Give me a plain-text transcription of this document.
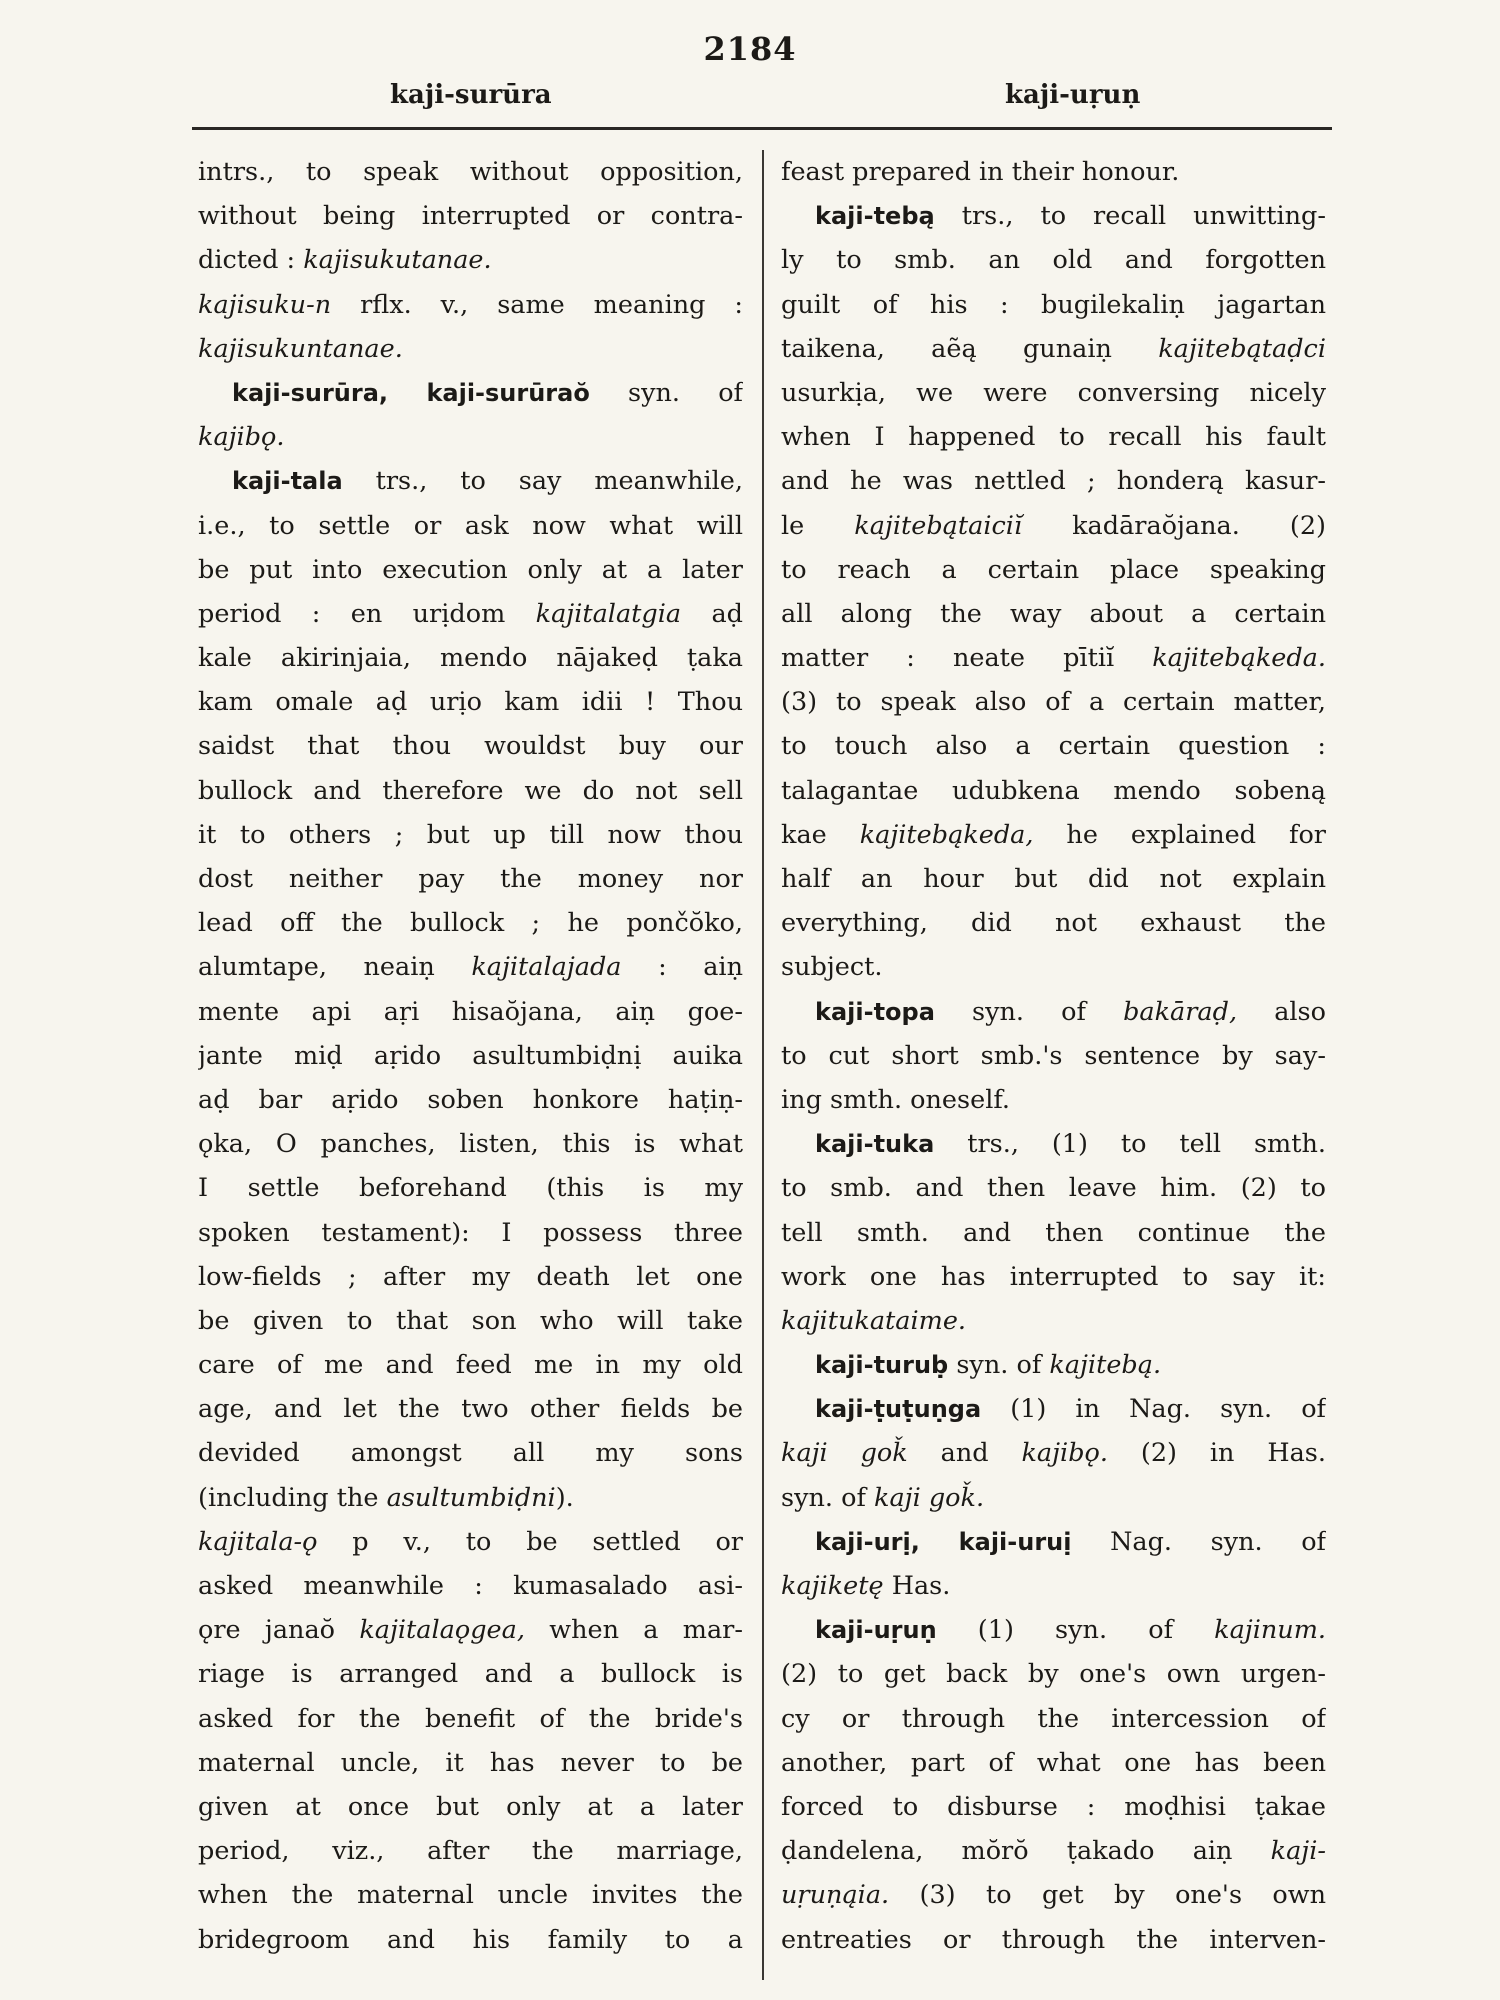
2184
kaji-surūra	kaji-uṛuṇ
intrs., to speak without opposition,
without being interrupted or contra-
dicted : kajisukutanae.
kajisuku-n rflx. v., same meaning :
kajisukuntanae.
kaji-surūra, kaji-surūraŏ syn. of
kajibǫ.
kaji-tala trs., to say meanwhile,
i.e., to settle or ask now what will
be put into execution only at a later
period : en urịdom kajitalatgia aḍ
kale akirinjaia, mendo nājakeḍ ṭaka
kam omale aḍ urịo kam idii ! Thou
saidst that thou wouldst buy our
bullock and therefore we do not sell
it to others ; but up till now thou
dost neither pay the money nor
lead off the bullock ; he pončŏko,
alumtape, neaiṇ kajitalajada : aiṇ
mente api aṛi hisaŏjana, aiṇ goe-
jante miḍ aṛido asultumbiḍnị auika
aḍ bar aṛido soben honkore haṭiṇ-
ǫka, O panches, listen, this is what
I settle beforehand (this is my
spoken testament): I possess three
low-fields ; after my death let one
be given to that son who will take
care of me and feed me in my old
age, and let the two other fields be
devided amongst all my sons
(including the asultumbiḍni).
kajitala-ǫ p v., to be settled or
asked meanwhile : kumasalado asi-
ǫre janaŏ kajitalaǫgea, when a mar-
riage is arranged and a bullock is
asked for the benefit of the bride's
maternal uncle, it has never to be
given at once but only at a later
period, viz., after the marriage,
when the maternal uncle invites the
bridegroom and his family to a
feast prepared in their honour.
kaji-tebą trs., to recall unwitting-
ly to smb. an old and forgotten
guilt of his : bugilekaliṇ jagartan
taikena, aẽą gunaiṇ kajitebątaḍci
usurkịa, we were conversing nicely
when I happened to recall his fault
and he was nettled ; honderą kasur-
le kajitebątaiciĭ kadāraŏjana. (2)
to reach a certain place speaking
all along the way about a certain
matter : neate pītiĭ kajitebąkeda.
(3) to speak also of a certain matter,
to touch also a certain question :
talagantae udubkena mendo sobeną
kae kajitebąkeda, he explained for
half an hour but did not explain
everything, did not exhaust the
subject.
kaji-topa syn. of bakāraḍ, also
to cut short smb.'s sentence by say-
ing smth. oneself.
kaji-tuka trs., (1) to tell smth.
to smb. and then leave him. (2) to
tell smth. and then continue the
work one has interrupted to say it:
kajitukataime.
kaji-turuḅ syn. of kajitebą.
kaji-ṭuṭuṇga (1) in Nag. syn. of
kaji goǩ and kajibǫ. (2) in Has.
syn. of kaji goǩ.
kaji-urị, kaji-uruị Nag. syn. of
kajiketę Has.
kaji-uṛuṇ (1) syn. of kajinum.
(2) to get back by one's own urgen-
cy or through the intercession of
another, part of what one has been
forced to disburse : moḍhisi ṭakae
ḍandelena, mŏrŏ ṭakado aiṇ kaji-
uṛuṇąia. (3) to get by one's own
entreaties or through the interven-
